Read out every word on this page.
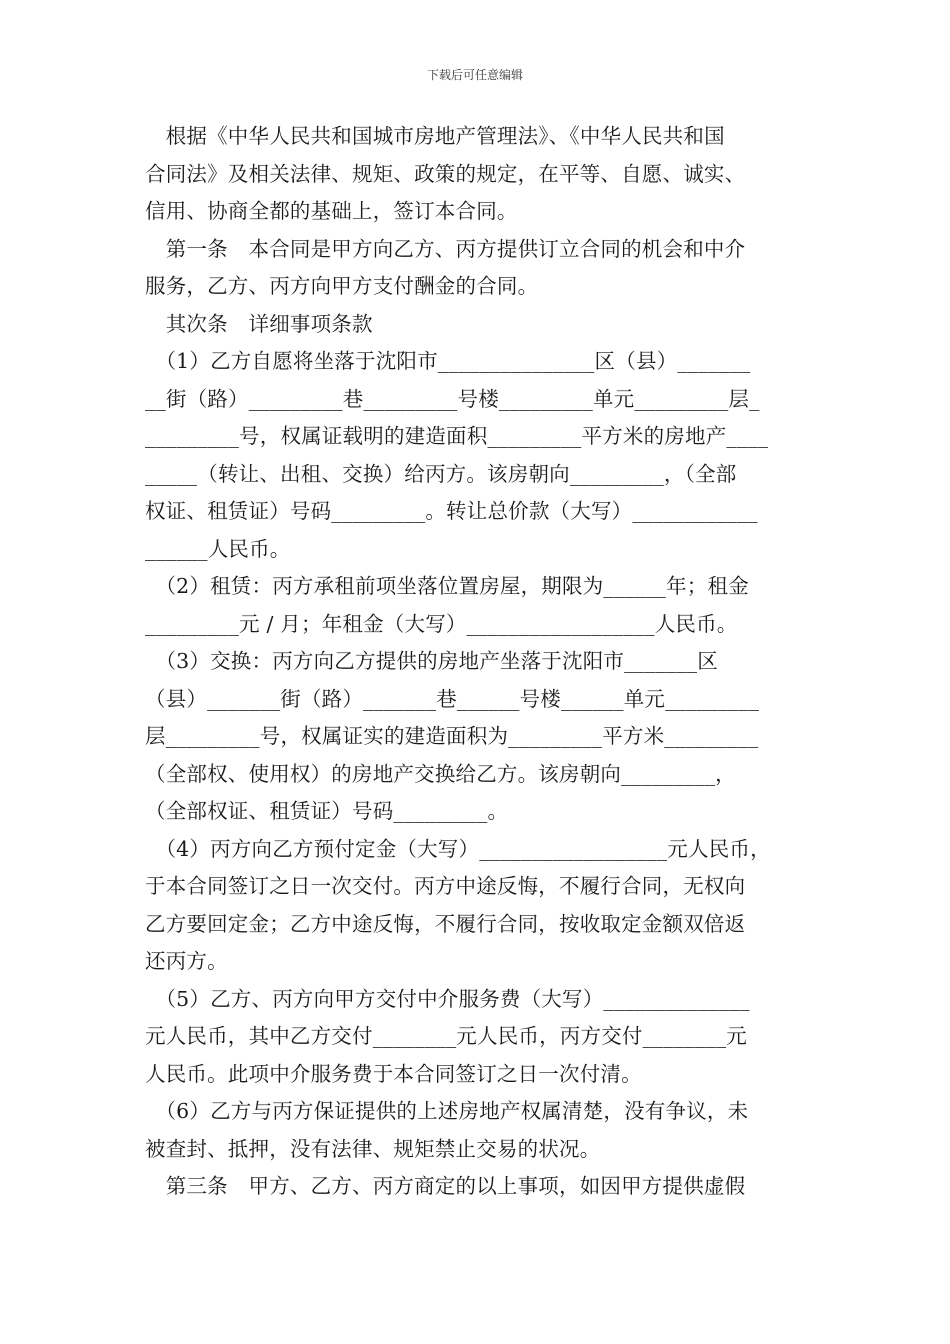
下载后可任意编辑
　根据《中华人民共和国城市房地产管理法》、《中华人民共和国
合同法》及相关法律、规矩、政策的规定，在平等、自愿、诚实、
信用、协商全都的基础上，签订本合同。
　第一条　本合同是甲方向乙方、丙方提供订立合同的机会和中介
服务，乙方、丙方向甲方支付酬金的合同。
　其次条　详细事项条款
　（1）乙方自愿将坐落于沈阳市_______________区（县）_______
__街（路）_________巷_________号楼_________单元_________层_
_________号，权属证载明的建造面积_________平方米的房地产____
_____（转让、出租、交换）给丙方。该房朝向_________，（全部
权证、租赁证）号码_________。转让总价款（大写）____________
______人民币。
　（2）租赁：丙方承租前项坐落位置房屋，期限为______年；租金
_________元 / 月；年租金（大写）__________________人民币。
　（3）交换：丙方向乙方提供的房地产坐落于沈阳市_______区
（县）_______街（路）_______巷______号楼______单元_________
层_________号，权属证实的建造面积为_________平方米_________
（全部权、使用权）的房地产交换给乙方。该房朝向_________，
（全部权证、租赁证）号码_________。
　（4）丙方向乙方预付定金（大写）__________________元人民币，
于本合同签订之日一次交付。丙方中途反悔，不履行合同，无权向
乙方要回定金；乙方中途反悔，不履行合同，按收取定金额双倍返
还丙方。
　（5）乙方、丙方向甲方交付中介服务费（大写）______________
元人民币，其中乙方交付________元人民币，丙方交付________元
人民币。此项中介服务费于本合同签订之日一次付清。
　（6）乙方与丙方保证提供的上述房地产权属清楚，没有争议，未
被查封、抵押，没有法律、规矩禁止交易的状况。
　第三条　甲方、乙方、丙方商定的以上事项，如因甲方提供虚假
